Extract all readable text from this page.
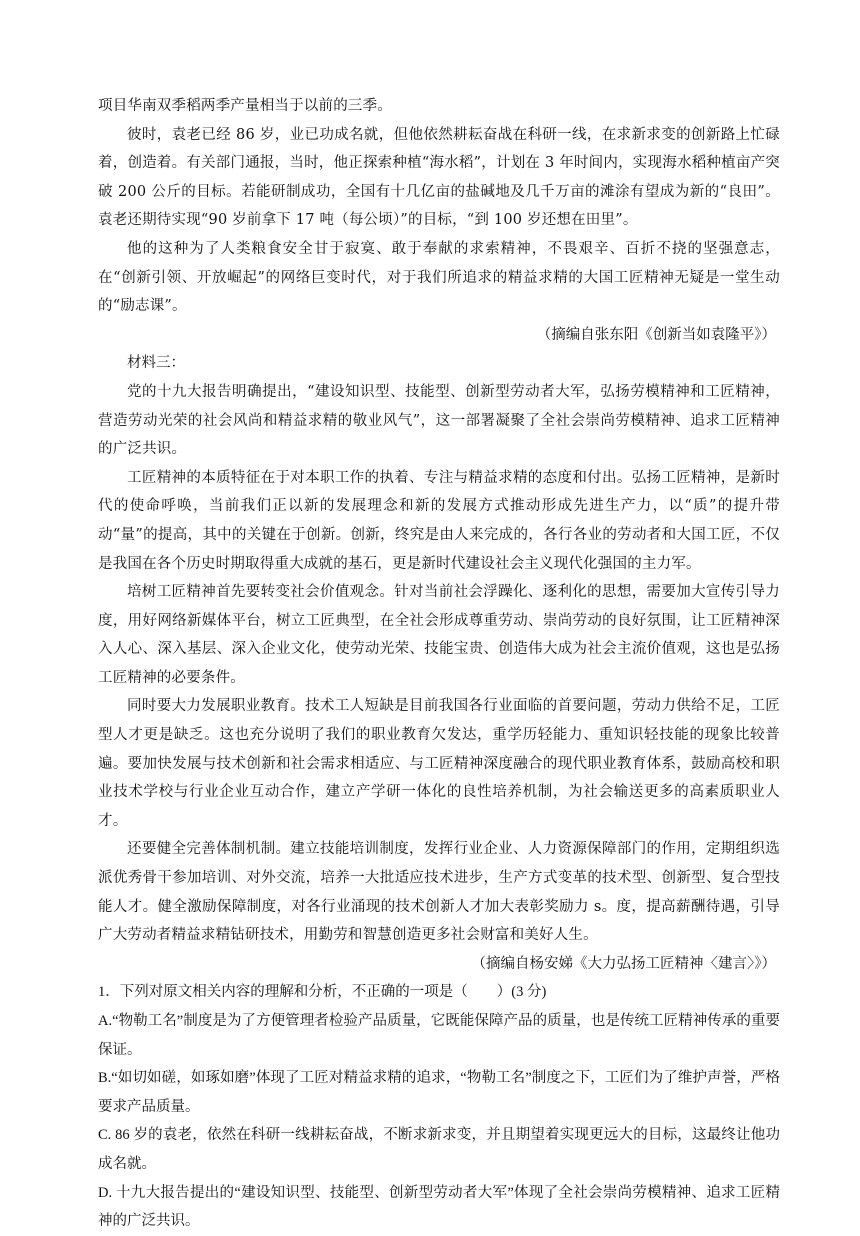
项目华南双季稻两季产量相当于以前的三季。

彼时，袁老已经 86 岁，业已功成名就，但他依然耕耘奋战在科研一线，在求新求变的创新路上忙碌着，创造着。有关部门通报，当时，他正探索种植“海水稻”，计划在 3 年时间内，实现海水稻种植亩产突破 200 公斤的目标。若能研制成功，全国有十几亿亩的盐碱地及几千万亩的滩涂有望成为新的“良田”。袁老还期待实现“90 岁前拿下 17 吨（每公顷）”的目标，“到 100 岁还想在田里”。

他的这种为了人类粮食安全甘于寂寞、敢于奉献的求索精神，不畏艰辛、百折不挠的坚强意志，在“创新引领、开放崛起”的网络巨变时代，对于我们所追求的精益求精的大国工匠精神无疑是一堂生动的“励志课”。

（摘编自张东阳《创新当如袁隆平》）

材料三：

党的十九大报告明确提出，“建设知识型、技能型、创新型劳动者大军，弘扬劳模精神和工匠精神，营造劳动光荣的社会风尚和精益求精的敬业风气”，这一部署凝聚了全社会崇尚劳模精神、追求工匠精神的广泛共识。

工匠精神的本质特征在于对本职工作的执着、专注与精益求精的态度和付出。弘扬工匠精神，是新时代的使命呼唤，当前我们正以新的发展理念和新的发展方式推动形成先进生产力，以“质”的提升带动“量”的提高，其中的关键在于创新。创新，终究是由人来完成的，各行各业的劳动者和大国工匠，不仅是我国在各个历史时期取得重大成就的基石，更是新时代建设社会主义现代化强国的主力军。

培树工匠精神首先要转变社会价值观念。针对当前社会浮躁化、逐利化的思想，需要加大宣传引导力度，用好网络新媒体平台，树立工匠典型，在全社会形成尊重劳动、崇尚劳动的良好氛围，让工匠精神深入人心、深入基层、深入企业文化，使劳动光荣、技能宝贵、创造伟大成为社会主流价值观，这也是弘扬工匠精神的必要条件。

同时要大力发展职业教育。技术工人短缺是目前我国各行业面临的首要问题，劳动力供给不足，工匠型人才更是缺乏。这也充分说明了我们的职业教育欠发达，重学历轻能力、重知识轻技能的现象比较普遍。要加快发展与技术创新和社会需求相适应、与工匠精神深度融合的现代职业教育体系，鼓励高校和职业技术学校与行业企业互动合作，建立产学研一体化的良性培养机制，为社会输送更多的高素质职业人才。

还要健全完善体制机制。建立技能培训制度，发挥行业企业、人力资源保障部门的作用，定期组织选派优秀骨干参加培训、对外交流，培养一大批适应技术进步，生产方式变革的技术型、创新型、复合型技能人才。健全激励保障制度，对各行业涌现的技术创新人才加大表彰奖励力 s。度，提高薪酬待遇，引导广大劳动者精益求精钻研技术，用勤劳和智慧创造更多社会财富和美好人生。

（摘编自杨安娣《大力弘扬工匠精神〈建言〉》）

1．下列对原文相关内容的理解和分析，不正确的一项是（　　）(3 分)

A.“物勒工名”制度是为了方便管理者检验产品质量，它既能保障产品的质量，也是传统工匠精神传承的重要保证。

B.“如切如磋，如琢如磨”体现了工匠对精益求精的追求，“物勒工名”制度之下，工匠们为了维护声誉，严格要求产品质量。

C. 86 岁的袁老，依然在科研一线耕耘奋战，不断求新求变，并且期望着实现更远大的目标，这最终让他功成名就。

D. 十九大报告提出的“建设知识型、技能型、创新型劳动者大军”体现了全社会崇尚劳模精神、追求工匠精神的广泛共识。
